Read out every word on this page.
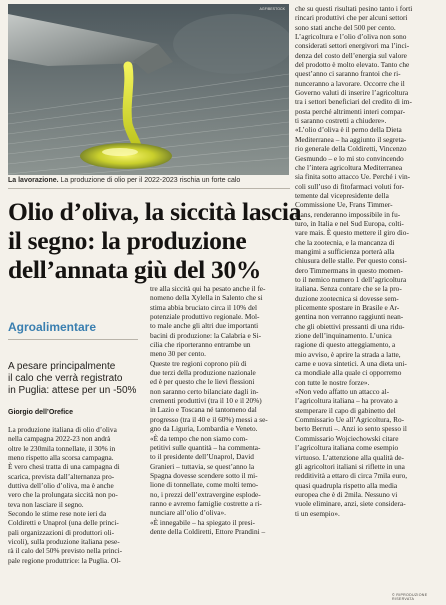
AGF/BESTOCK
La lavorazione. La produzione di olio per il 2022-2023 rischia un forte calo
Olio d’oliva, la siccità lascia
il segno: la produzione
dell’annata giù del 30%
Agroalimentare
A pesare principalmente
il calo che verrà registrato
in Puglia: attese per un -50%
Giorgio dell’Orefice
La produzione italiana di olio d’oliva
nella campagna 2022-23 non andrà
oltre le 230mila tonnellate, il 30% in
meno rispetto alla scorsa campagna.
È vero chesi tratta di una campagna di
scarica, prevista dall’alternanza pro-
duttiva dell’olio d’oliva, ma è anche
vero che la prolungata siccità non po-
teva non lasciare il segno.
Secondo le stime rese note ieri da
Coldiretti e Unaprol (una delle princi-
pali organizzazioni di produttori oli-
vicoli), sulla produzione italiana pese-
rà il calo del 50% previsto nella princi-
pale regione produttrice: la Puglia. Ol-
tre alla siccità qui ha pesato anche il fe-
nomeno della Xylella in Salento che si
stima abbia bruciato circa il 10% del
potenziale produttivo regionale. Mol-
to male anche gli altri due importanti
bacini di produzione: la Calabria e Si-
cilia che riporteranno entrambe un
meno 30 per cento.
Queste tre regioni coprono più di
due terzi della produzione nazionale
ed è per questo che le lievi flessioni
non saranno certo bilanciate dagli in-
crementi produttivi (tra il 10 e il 20%)
in Lazio e Toscana né tantomeno dal
progresso (tra il 40 e il 60%) messi a se-
gno da Liguria, Lombardia e Veneto.
«È da tempo che non siamo com-
petitivi sulle quantità – ha commenta-
to il presidente dell’Unaprol, David
Granieri – tuttavia, se quest’anno la
Spagna dovesse scendere sotto il mi-
lione di tonnellate, come molti temo-
no, i prezzi dell’extravergine esplode-
ranno e avremo famiglie costrette a ri-
nunciare all’olio d’oliva».
«È innegabile – ha spiegato il presi-
dente della Coldiretti, Ettore Prandini –
che su questi risultati pesino tanto i forti
rincari produttivi che per alcuni settori
sono stati anche del 500 per cento.
L’agricoltura e l’olio d’oliva non sono
considerati settori energivori ma l’inci-
denza del costo dell’energia sul valore
del prodotto è molto elevato. Tanto che
quest’anno ci saranno frantoi che ri-
nunceranno a lavorare. Occorre che il
Governo valuti di inserire l’agricoltura
tra i settori beneficiari del credito di im-
posta perché altrimenti interi compar-
ti saranno costretti a chiudere».
«L’olio d’oliva è il perno della Dieta
Mediterranea – ha aggiunto il segreta-
rio generale della Coldiretti, Vincenzo
Gesmundo – e lo mi sto convincendo
che l’intera agricoltura Mediterranea
sia finita sotto attacco Ue. Perché i vin-
coli sull’uso di fitofarmaci voluti for-
temente dal vicepresidente della
Commissione Ue, Frans Timmer-
mans, renderanno impossibile in fu-
turo, in Italia e nel Sud Europa, colti-
vare mais. È questo mettere il giro dio-
che la zootecnia, e la mancanza di
mangimi a sufficienza porterà alla
chiusura delle stalle. Per questo consi-
dero Timmermans in questo momen-
to il nemico numero 1 dell’agricoltura
italiana. Senza contare che se la pro-
duzione zootecnica si dovesse sem-
plicemente spostare in Brasile e Ar-
gentina non verranno raggiunti nean-
che gli obiettivi pressanti di una ridu-
zione dell’inquinamento. L’unica
ragione di questo atteggiamento, a
mio avviso, è aprire la strada a latte,
carne e uova sintetici. A una dieta uni-
ca mondiale alla quale ci opporremo
con tutte le nostre forze».
«Non vedo affatto un attacco al-
l’agricoltura italiana – ha provato a
stemperare il capo di gabinetto del
Commissario Ue all’Agricoltura, Ro-
berto Berruti –. Anzi io sento spesso il
Commissario Wojciechowski citare
l’agricoltura italiana come esempio
virtuoso. L’attenzione alla qualità de-
gli agricoltori italiani si riflette in una
redditività a ettaro di circa 7mila euro,
quasi quadrupla rispetto alla media
europea che è di 2mila. Nessuno vi
vuole eliminare, anzi, siete considera-
ti un esempio».
© RIPRODUZIONE RISERVATA
